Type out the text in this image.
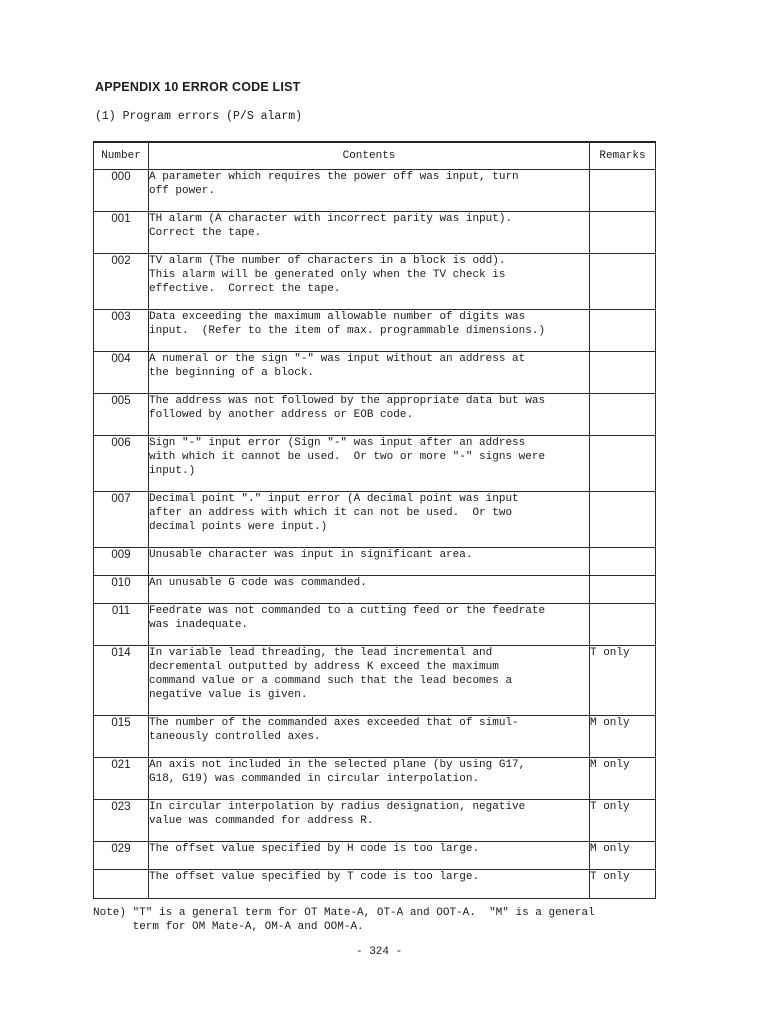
APPENDIX 10 ERROR CODE LIST
(1) Program errors (P/S alarm)
Number	Contents	Remarks
000	A parameter which requires the power off was input, turn
off power.	
001	TH alarm (A character with incorrect parity was input).
Correct the tape.	
002	TV alarm (The number of characters in a block is odd).
This alarm will be generated only when the TV check is
effective.  Correct the tape.	
003	Data exceeding the maximum allowable number of digits was
input.  (Refer to the item of max. programmable dimensions.)	
004	A numeral or the sign "-" was input without an address at
the beginning of a block.	
005	The address was not followed by the appropriate data but was
followed by another address or EOB code.	
006	Sign "-" input error (Sign "-" was input after an address
with which it cannot be used.  Or two or more "-" signs were
input.)	
007	Decimal point "." input error (A decimal point was input
after an address with which it can not be used.  Or two
decimal points were input.)	
009	Unusable character was input in significant area.	
010	An unusable G code was commanded.	
011	Feedrate was not commanded to a cutting feed or the feedrate
was inadequate.	
014	In variable lead threading, the lead incremental and
decremental outputted by address K exceed the maximum
command value or a command such that the lead becomes a
negative value is given.	T only
015	The number of the commanded axes exceeded that of simul-
taneously controlled axes.	M only
021	An axis not included in the selected plane (by using G17,
G18, G19) was commanded in circular interpolation.	M only
023	In circular interpolation by radius designation, negative
value was commanded for address R.	T only
029	The offset value specified by H code is too large.	M only
	The offset value specified by T code is too large.	T only
Note) "T" is a general term for OT Mate-A, OT-A and OOT-A.  "M" is a general
term for OM Mate-A, OM-A and OOM-A.
- 324 -
